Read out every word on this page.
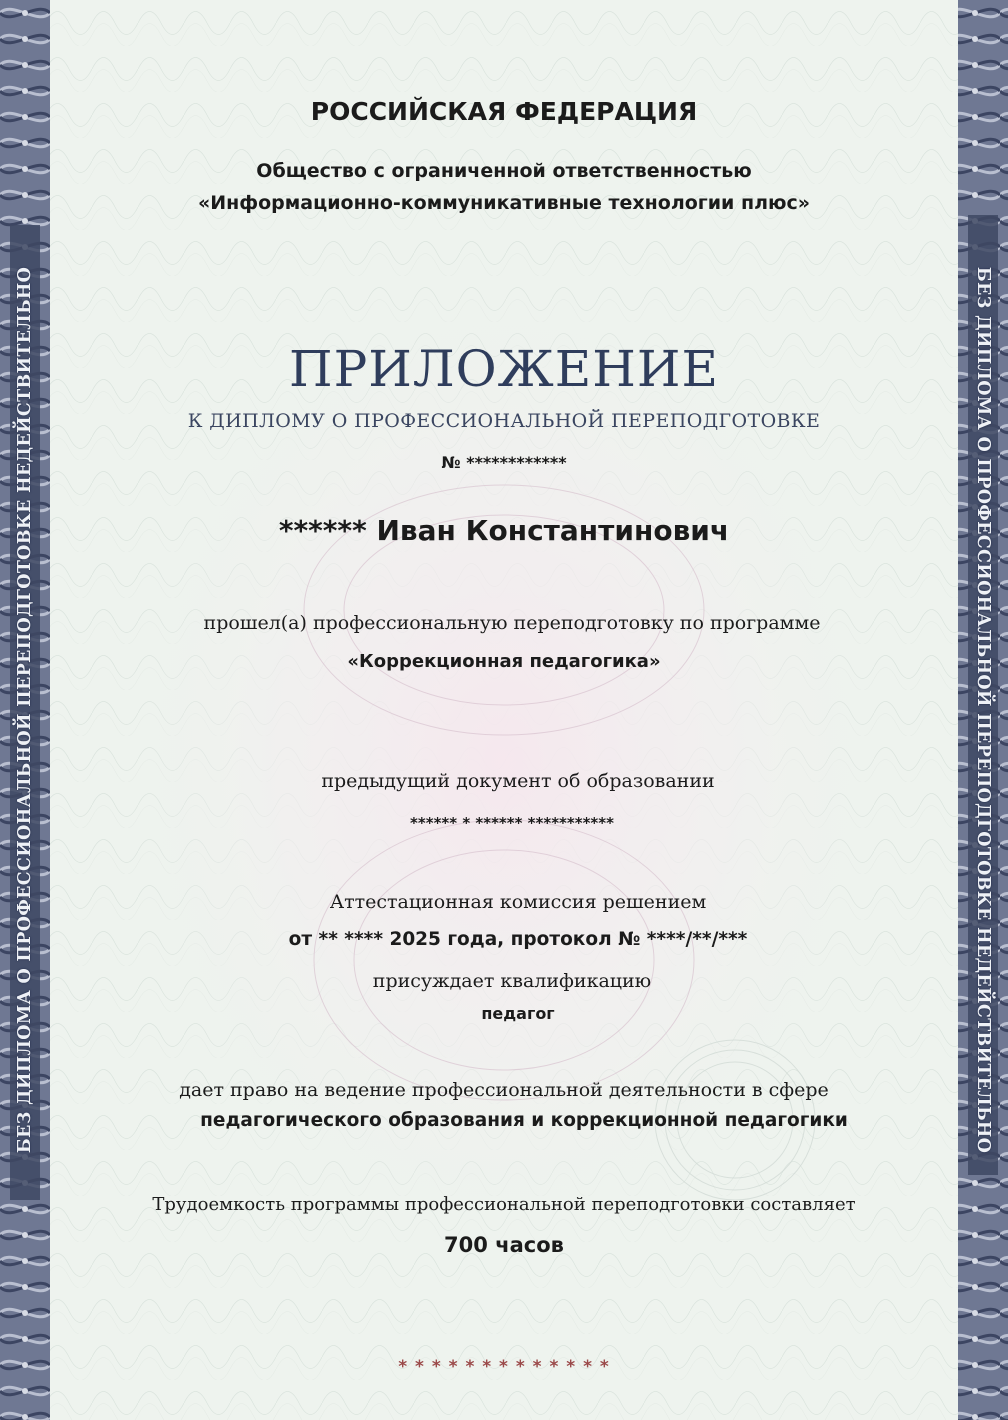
БЕЗ ДИПЛОМА О ПРОФЕССИОНАЛЬНОЙ ПЕРЕПОДГОТОВКЕ НЕДЕЙСТВИТЕЛЬНО	БЕЗ ДИПЛОМА О ПРОФЕССИОНАЛЬНОЙ ПЕРЕПОДГОТОВКЕ НЕДЕЙСТВИТЕЛЬНО
РОССИЙСКАЯ ФЕДЕРАЦИЯ
Общество с ограниченной ответственностью
«Информационно-коммуникативные технологии плюс»
ПРИЛОЖЕНИЕ
К ДИПЛОМУ О ПРОФЕССИОНАЛЬНОЙ ПЕРЕПОДГОТОВКЕ
№ ************
****** Иван Константинович
прошел(а) профессиональную переподготовку по программе
«Коррекционная педагогика»
предыдущий документ об образовании
****** * ****** ***********
Аттестационная комиссия решением
от ** **** 2025 года, протокол № ****/**/***
присуждает квалификацию
педагог
дает право на ведение профессиональной деятельности в сфере
педагогического образования и коррекционной педагогики
Трудоемкость программы профессиональной переподготовки составляет
700 часов
* * * * * * * * * * * * *
